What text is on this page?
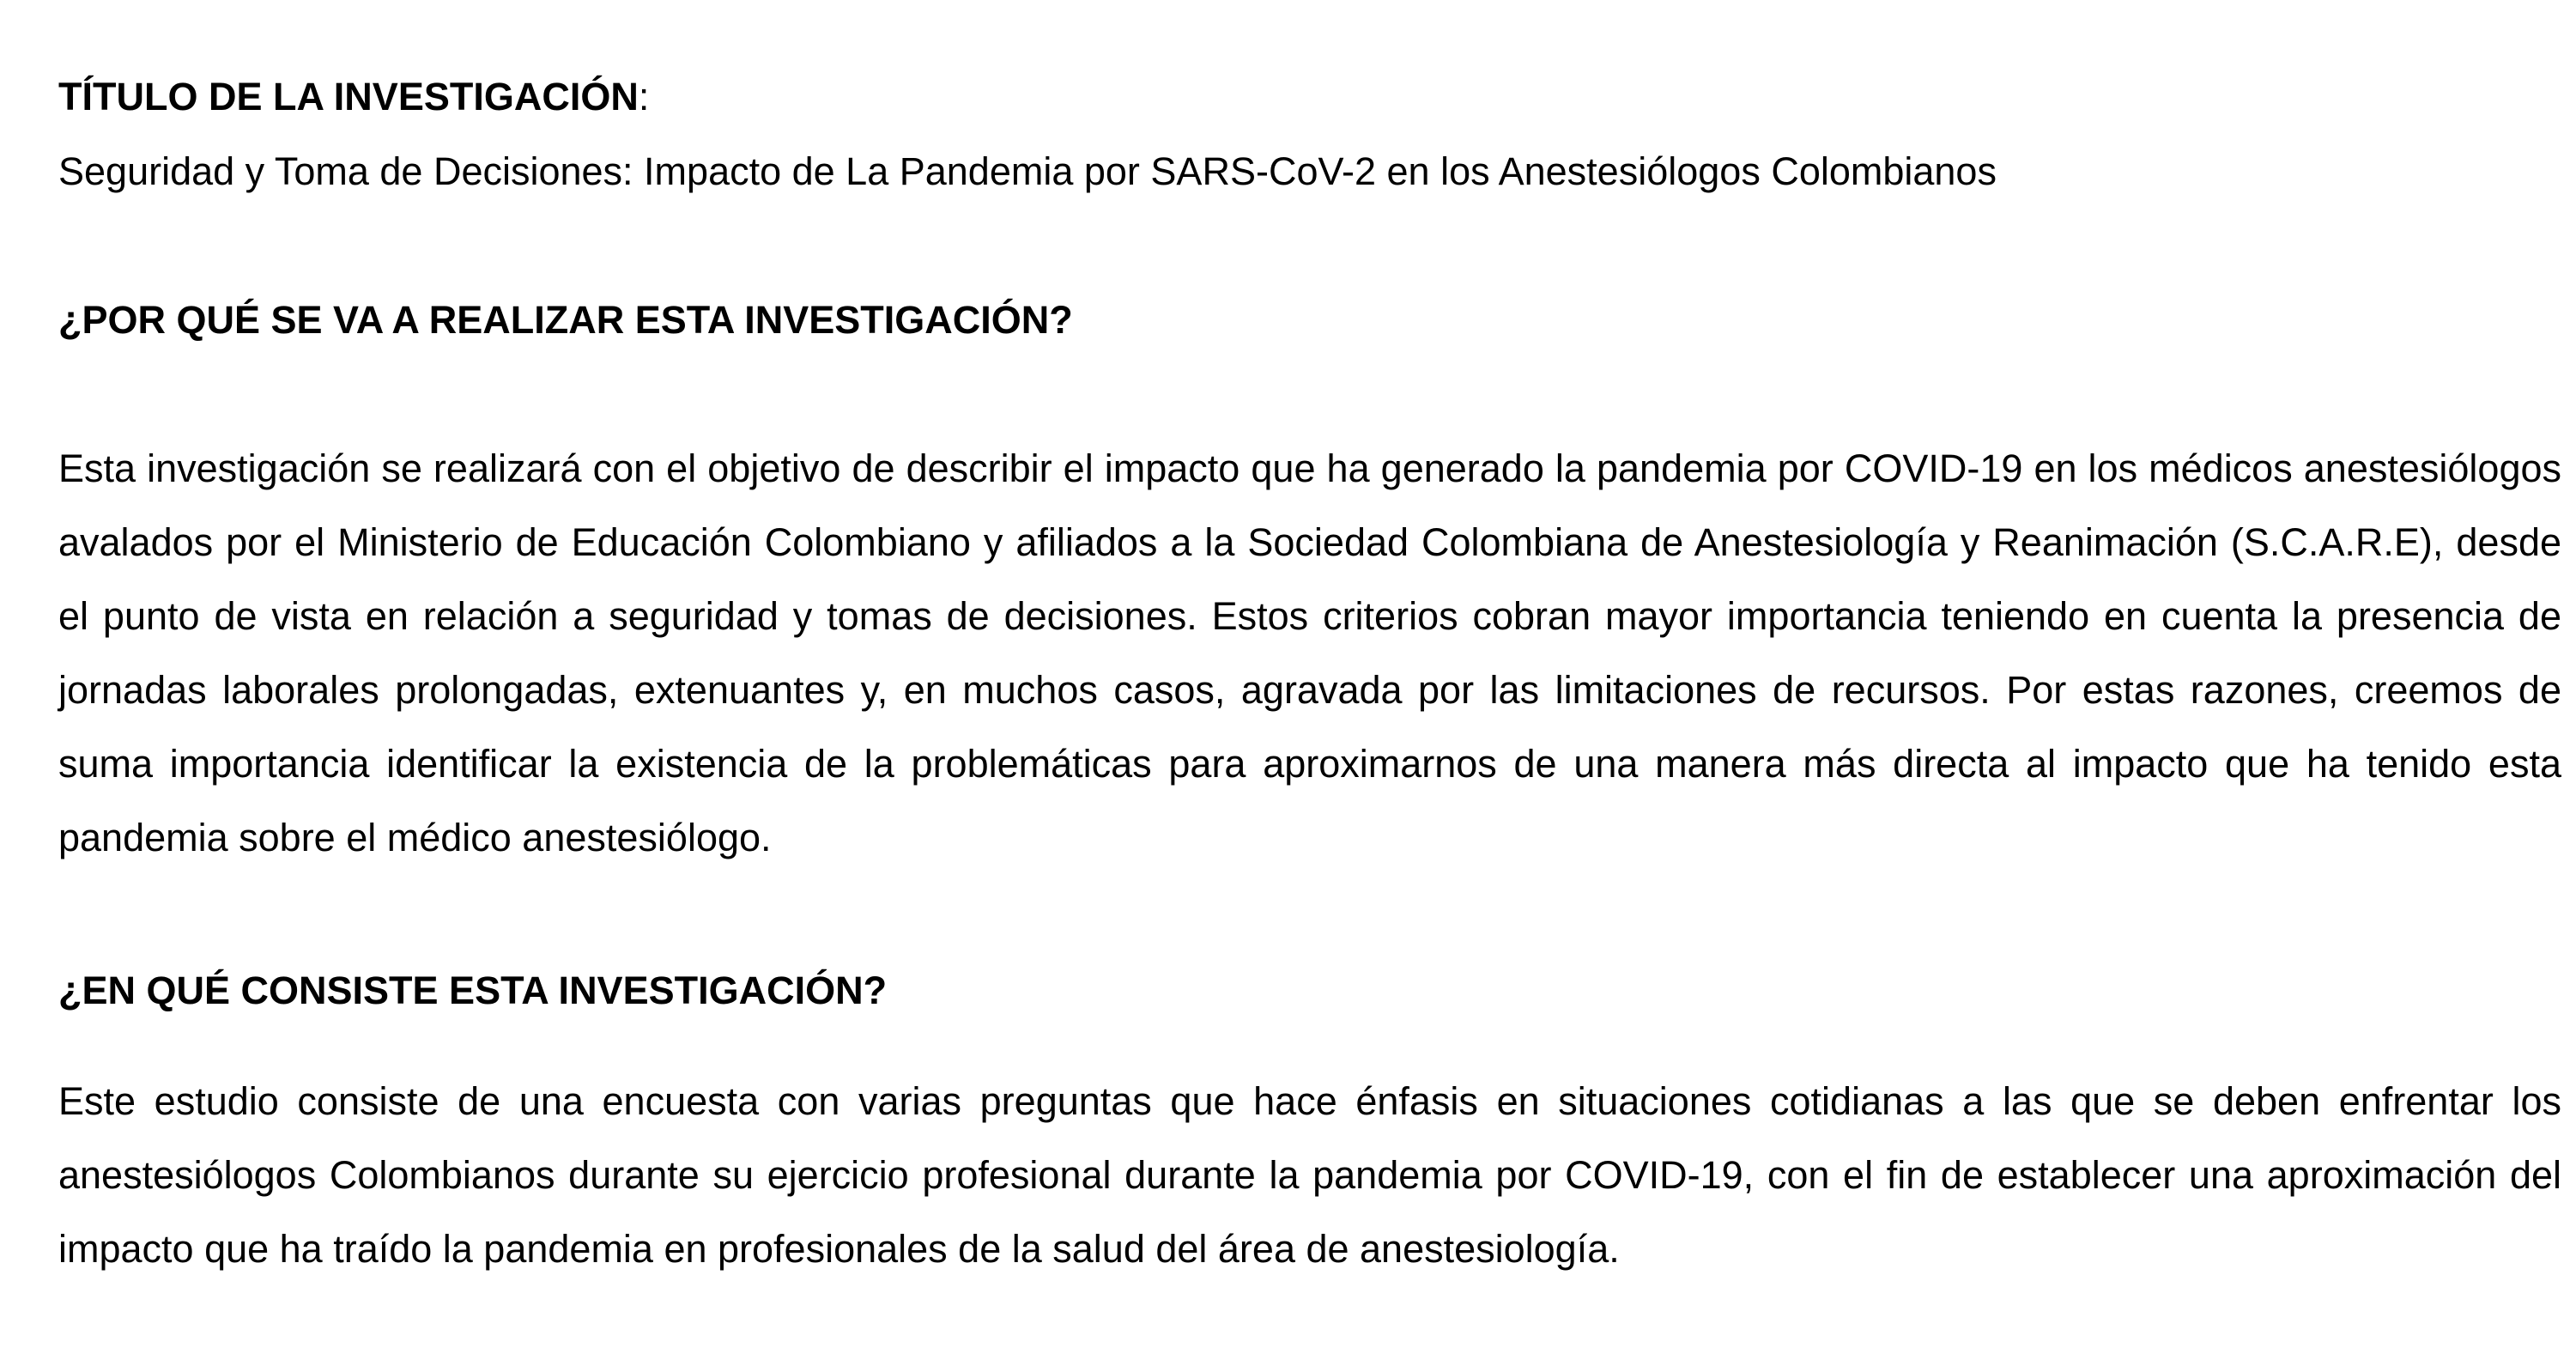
TÍTULO DE LA INVESTIGACIÓN:
Seguridad y Toma de Decisiones: Impacto de La Pandemia por SARS-CoV-2 en los Anestesiólogos Colombianos
¿POR QUÉ SE VA A REALIZAR ESTA INVESTIGACIÓN?
Esta investigación se realizará con el objetivo de describir el impacto que ha generado la pandemia por COVID-19 en los médicos anestesiólogos avalados por el Ministerio de Educación Colombiano y afiliados a la Sociedad Colombiana de Anestesiología y Reanimación (S.C.A.R.E), desde el punto de vista en relación a seguridad y tomas de decisiones. Estos criterios cobran mayor importancia teniendo en cuenta la presencia de jornadas laborales prolongadas, extenuantes y, en muchos casos, agravada por las limitaciones de recursos. Por estas razones, creemos de suma importancia identificar la existencia de la problemáticas para aproximarnos de una manera más directa al impacto que ha tenido esta pandemia sobre el médico anestesiólogo.
¿EN QUÉ CONSISTE ESTA INVESTIGACIÓN?
Este estudio consiste de una encuesta con varias preguntas que hace énfasis en situaciones cotidianas a las que se deben enfrentar los anestesiólogos Colombianos durante su ejercicio profesional durante la pandemia por COVID-19, con el fin de establecer una aproximación del impacto que ha traído la pandemia en profesionales de la salud del área de anestesiología.
